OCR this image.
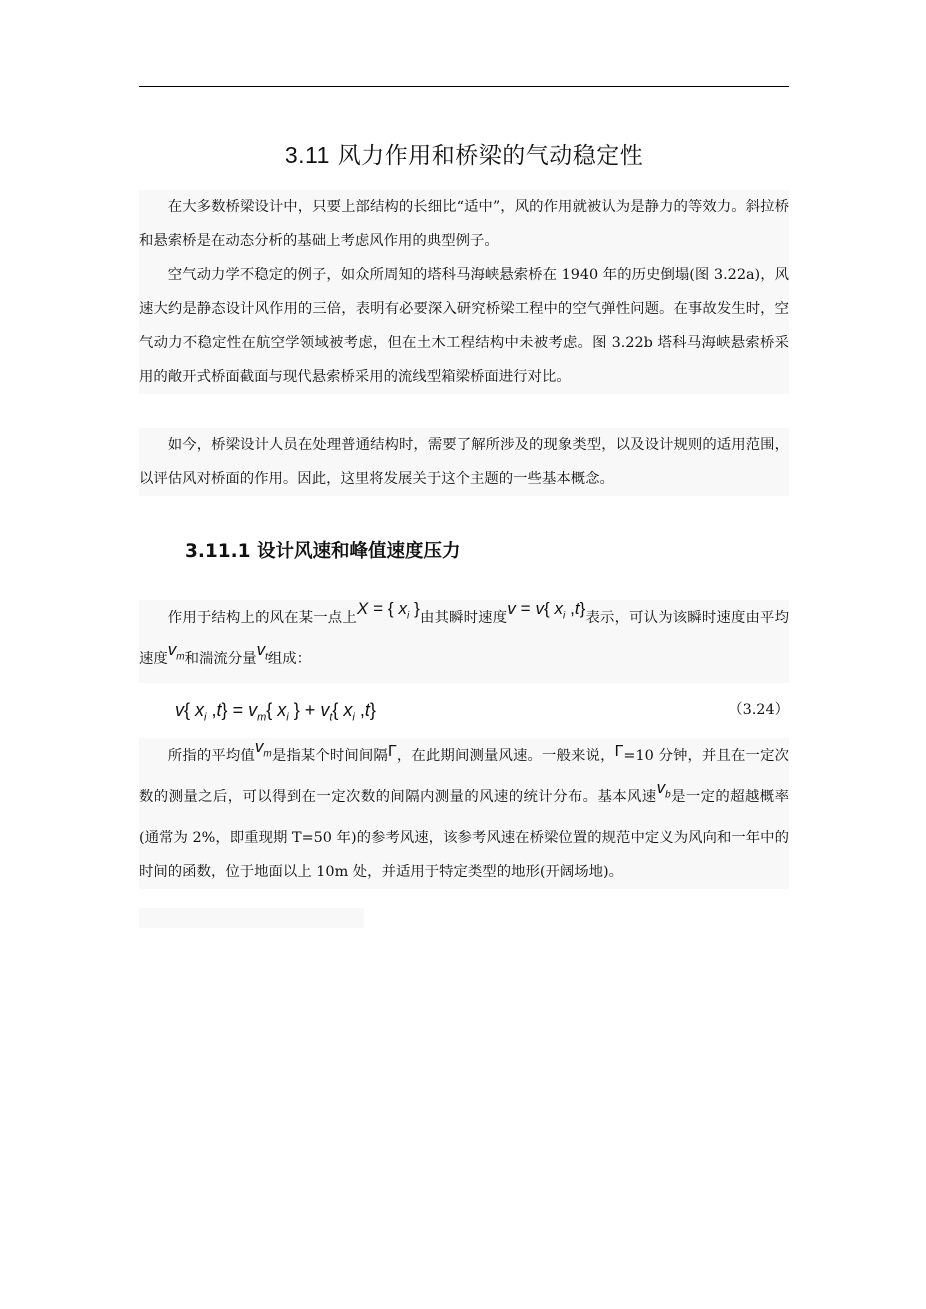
3.11 风力作用和桥梁的气动稳定性

在大多数桥梁设计中，只要上部结构的长细比“适中”，风的作用就被认为是静力的等效力。斜拉桥和悬索桥是在动态分析的基础上考虑风作用的典型例子。

空气动力学不稳定的例子，如众所周知的塔科马海峡悬索桥在 1940 年的历史倒塌(图 3.22a)，风速大约是静态设计风作用的三倍，表明有必要深入研究桥梁工程中的空气弹性问题。在事故发生时，空气动力不稳定性在航空学领域被考虑，但在土木工程结构中未被考虑。图 3.22b 塔科马海峡悬索桥采用的敞开式桥面截面与现代悬索桥采用的流线型箱梁桥面进行对比。

如今，桥梁设计人员在处理普通结构时，需要了解所涉及的现象类型，以及设计规则的适用范围，以评估风对桥面的作用。因此，这里将发展关于这个主题的一些基本概念。

3.11.1 设计风速和峰值速度压力

作用于结构上的风在某一点上X = { $x_i$ }由其瞬时速度v = v{ $x_i$ ,t}表示，可认为该瞬时速度由平均速度$v_m$和湍流分量$v_t$组成：

v{ $x_i$ $,t\} = v_m${ $x_i$ } + $v_t${ $x_i$ ,t}	（3.24）

所指的平均值$v_m$是指某个时间间隔Γ，在此期间测量风速。一般来说，Γ=10 分钟，并且在一定次数的测量之后，可以得到在一定次数的间隔内测量的风速的统计分布。基本风速$v_b$是一定的超越概率(通常为 2%，即重现期 T=50 年)的参考风速，该参考风速在桥梁位置的规范中定义为风向和一年中的时间的函数，位于地面以上 10m 处，并适用于特定类型的地形(开阔场地)。
